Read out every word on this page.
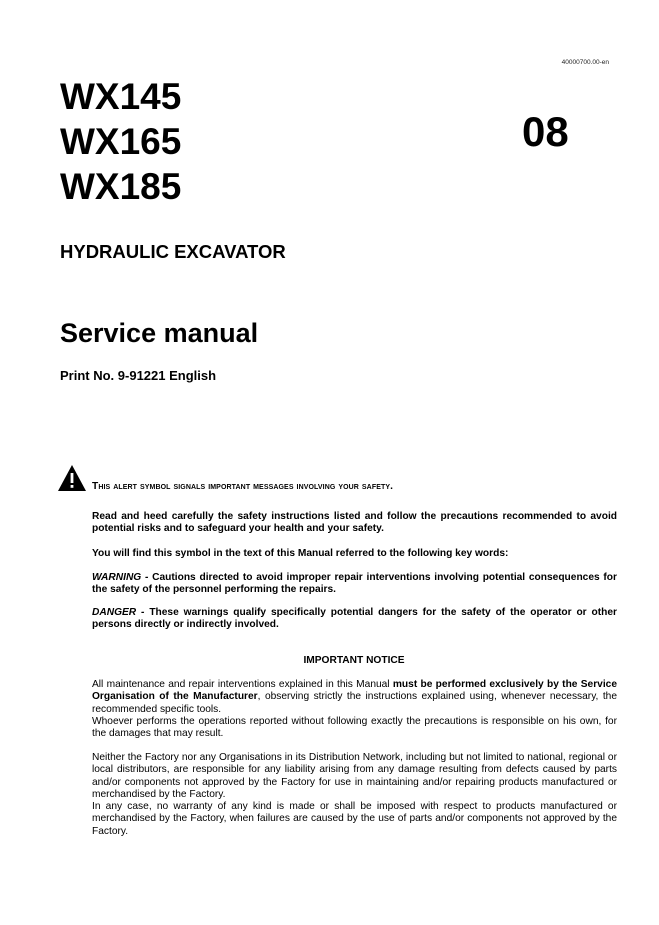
40000700.00-en
WX145
WX165
WX185
08
HYDRAULIC EXCAVATOR
Service manual
Print No. 9-91221 English
This alert symbol signals important messages involving your safety.
Read and heed carefully the safety instructions listed and follow the precautions recommended to avoid potential risks and to safeguard your health and your safety.
You will find this symbol in the text of this Manual referred to the following key words:
WARNING - Cautions directed to avoid improper repair interventions involving potential consequences for the safety of the personnel performing the repairs.
DANGER - These warnings qualify specifically potential dangers for the safety of the operator or other persons directly or indirectly involved.
IMPORTANT NOTICE
All maintenance and repair interventions explained in this Manual must be performed exclusively by the Service Organisation of the Manufacturer, observing strictly the instructions explained using, whenever necessary, the recommended specific tools.
Whoever performs the operations reported without following exactly the precautions is responsible on his own, for the damages that may result.
Neither the Factory nor any Organisations in its Distribution Network, including but not limited to national, regional or local distributors, are responsible for any liability arising from any damage resulting from defects caused by parts and/or components not approved by the Factory for use in maintaining and/or repairing products manufactured or merchandised by the Factory.
In any case, no warranty of any kind is made or shall be imposed with respect to products manufactured or merchandised by the Factory, when failures are caused by the use of parts and/or components not approved by the Factory.
